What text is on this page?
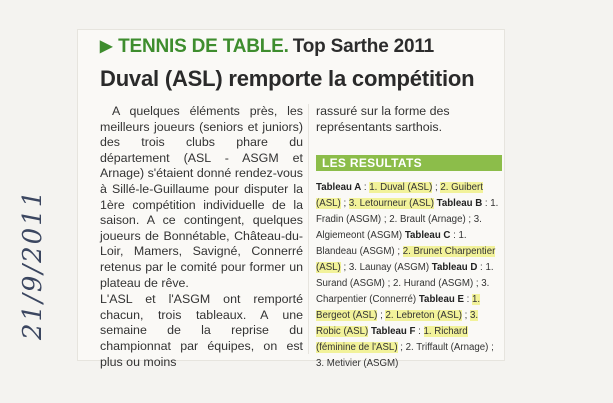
21/9/2011
▶ TENNIS DE TABLE. Top Sarthe 2011
Duval (ASL) remporte la compétition

A quelques éléments près, les meilleurs joueurs (seniors et juniors) des trois clubs phare du département (ASL - ASGM et Arnage) s'étaient donné rendez-vous à Sillé-le-Guillaume pour disputer la 1ère compétition individuelle de la saison. A ce contingent, quelques joueurs de Bonnétable, Château-du-Loir, Mamers, Savigné, Connerré retenus par le comité pour former un plateau de rêve.

L'ASL et l'ASGM ont remporté chacun, trois tableaux. A une semaine de la reprise du championnat par équipes, on est plus ou moins

rassuré sur la forme des représentants sarthois.
LES RESULTATS
Tableau A : 1. Duval (ASL) ; 2. Guibert (ASL) ; 3. Letourneur (ASL) Tableau B : 1. Fradin (ASGM) ; 2. Brault (Arnage) ; 3. Algiemeont (ASGM) Tableau C : 1. Blandeau (ASGM) ; 2. Brunet Charpentier (ASL) ; 3. Launay (ASGM) Tableau D : 1. Surand (ASGM) ; 2. Hurand (ASGM) ; 3. Charpentier (Connerré) Tableau E : 1. Bergeot (ASL) ; 2. Lebreton (ASL) ; 3. Robic (ASL) Tableau F : 1. Richard (féminine de l'ASL) ; 2. Triffault (Arnage) ; 3. Metivier (ASGM)
